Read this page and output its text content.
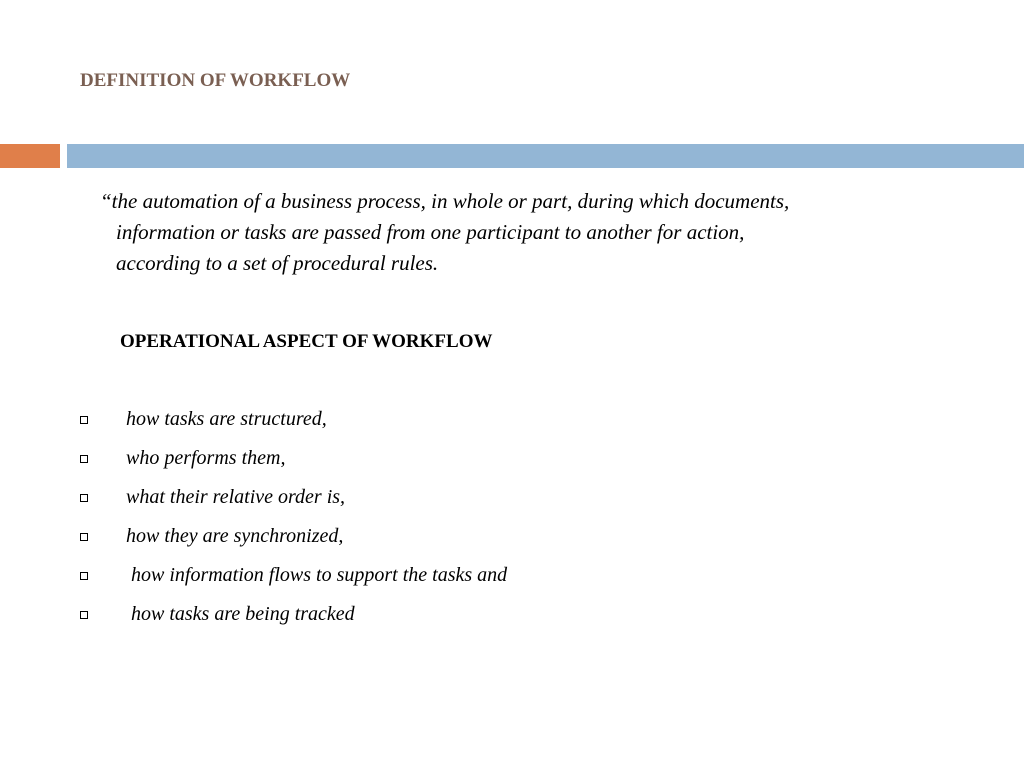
DEFINITION OF WORKFLOW
“the automation of a business process, in whole or part, during which documents,
information or tasks are passed from one participant to another for action,
according to a set of procedural rules.
OPERATIONAL ASPECT OF WORKFLOW
how tasks are structured,
who performs them,
what their relative order is,
how they are synchronized,
how information flows to support the tasks and
how tasks are being tracked
